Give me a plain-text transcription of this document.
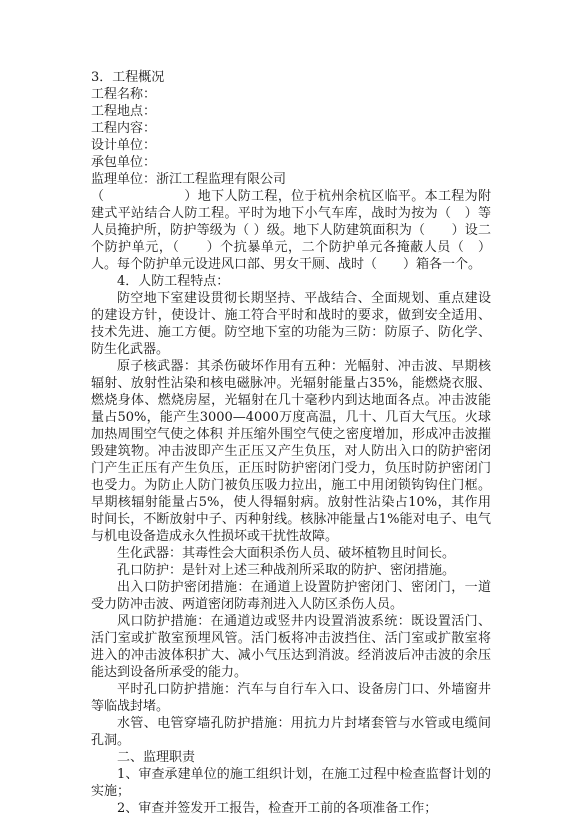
3．工程概况

工程名称：

工程地点：

工程内容：

设计单位：

承包单位：

监理单位：浙江工程监理有限公司

（　　　　　　）地下人防工程，位于杭州余杭区临平。本工程为附建式平站结合人防工程。平时为地下小气车库，战时为按为（　）等人员掩护所，防护等级为（ ）级。地下人防建筑面积为（　　）设二个防护单元，（　　）个抗暴单元，二个防护单元各掩蔽人员（　）人。每个防护单元设进风口部、男女干厕、战时（　　）箱各一个。

4．人防工程特点：

防空地下室建设贯彻长期坚持、平战结合、全面规划、重点建设的建设方针，使设计、施工符合平时和战时的要求，做到安全适用、技术先进、施工方便。防空地下室的功能为三防：防原子、防化学、防生化武器。

原子核武器：其杀伤破坏作用有五种：光幅射、冲击波、早期核辐射、放射性沾染和核电磁脉冲。光辐射能量占35%，能燃烧衣服、燃烧身体、燃烧房屋，光辐射在几十毫秒内到达地面各点。冲击波能量占50%，能产生3000—4000万度高温，几十、几百大气压。火球加热周围空气使之体积 并压缩外围空气使之密度增加，形成冲击波摧毁建筑物。冲击波即产生正压又产生负压，对人防出入口的防护密闭门产生正压有产生负压，正压时防护密闭门受力，负压时防护密闭门也受力。为防止人防门被负压吸力拉出，施工中用闭锁钩钩住门框。早期核辐射能量占5%，使人得辐射病。放射性沾染占10%，其作用时间长，不断放射中子、丙种射线。核脉冲能量占1%能对电子、电气与机电设备造成永久性损坏或干扰性故障。

生化武器：其毒性会大面积杀伤人员、破坏植物且时间长。

孔口防护：是针对上述三种战剂所采取的防护、密闭措施。

出入口防护密闭措施：在通道上设置防护密闭门、密闭门，一道受力防冲击波、两道密闭防毒剂进入人防区杀伤人员。

风口防护措施：在通道边或竖井内设置消波系统：既设置活门、活门室或扩散室预埋风管。活门板将冲击波挡住、活门室或扩散室将进入的冲击波体积扩大、减小气压达到消波。经消波后冲击波的余压能达到设备所承受的能力。

平时孔口防护措施：汽车与自行车入口、设备房门口、外墙窗井等临战封堵。

水管、电管穿墙孔防护措施：用抗力片封堵套管与水管或电缆间孔洞。

二、监理职责

1、审查承建单位的施工组织计划，在施工过程中检查监督计划的实施；

2、审查并签发开工报告，检查开工前的各项准备工作；
